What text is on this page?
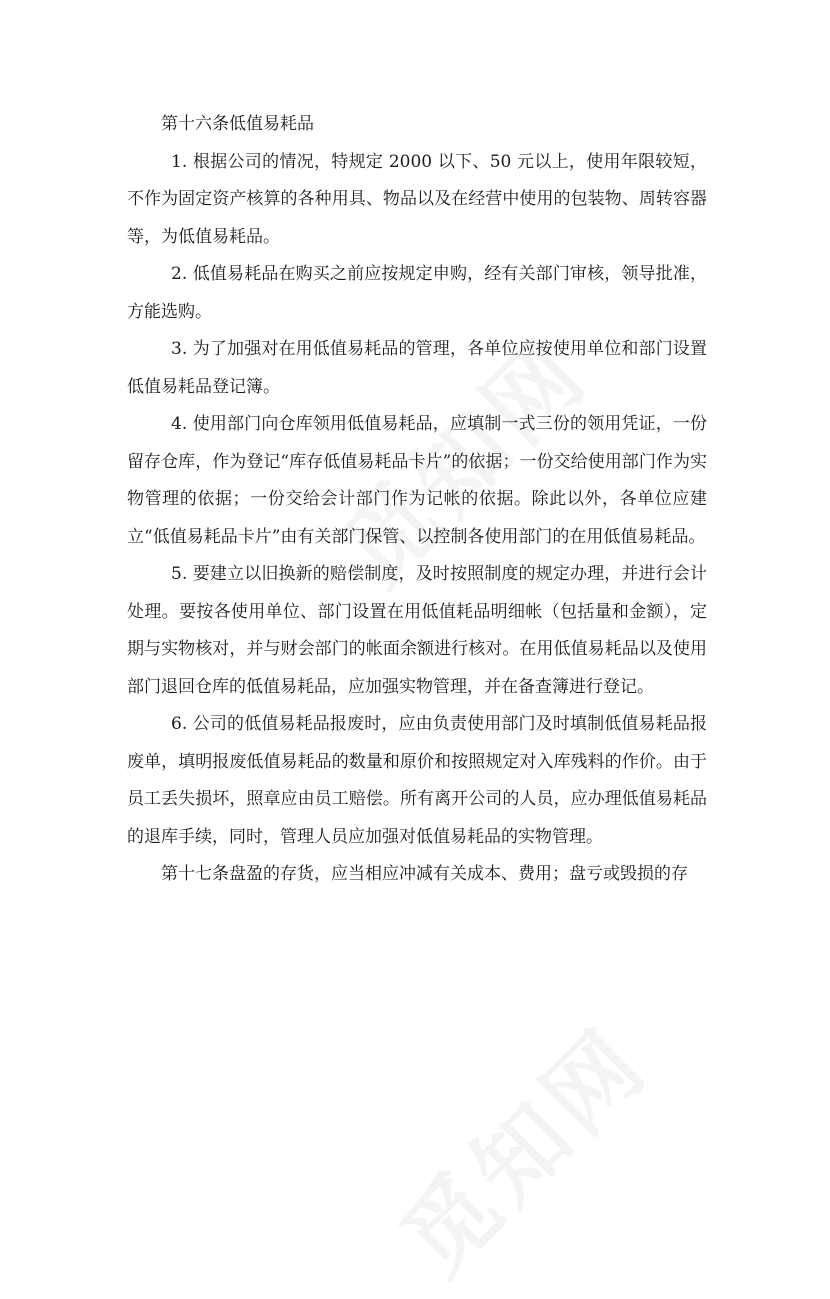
第十六条低值易耗品

1. 根据公司的情况，特规定 2000 以下、50 元以上，使用年限较短，不作为固定资产核算的各种用具、物品以及在经营中使用的包装物、周转容器等，为低值易耗品。

2. 低值易耗品在购买之前应按规定申购，经有关部门审核，领导批准，方能选购。

3. 为了加强对在用低值易耗品的管理，各单位应按使用单位和部门设置低值易耗品登记簿。

4. 使用部门向仓库领用低值易耗品，应填制一式三份的领用凭证，一份留存仓库，作为登记“库存低值易耗品卡片”的依据；一份交给使用部门作为实物管理的依据；一份交给会计部门作为记帐的依据。除此以外，各单位应建立“低值易耗品卡片”由有关部门保管、以控制各使用部门的在用低值易耗品。

5. 要建立以旧换新的赔偿制度，及时按照制度的规定办理，并进行会计处理。要按各使用单位、部门设置在用低值耗品明细帐（包括量和金额），定期与实物核对，并与财会部门的帐面余额进行核对。在用低值易耗品以及使用部门退回仓库的低值易耗品，应加强实物管理，并在备查簿进行登记。

6. 公司的低值易耗品报废时，应由负责使用部门及时填制低值易耗品报废单，填明报废低值易耗品的数量和原价和按照规定对入库残料的作价。由于员工丢失损坏，照章应由员工赔偿。所有离开公司的人员，应办理低值易耗品的退库手续，同时，管理人员应加强对低值易耗品的实物管理。

第十七条盘盈的存货，应当相应冲减有关成本、费用；盘亏或毁损的存
